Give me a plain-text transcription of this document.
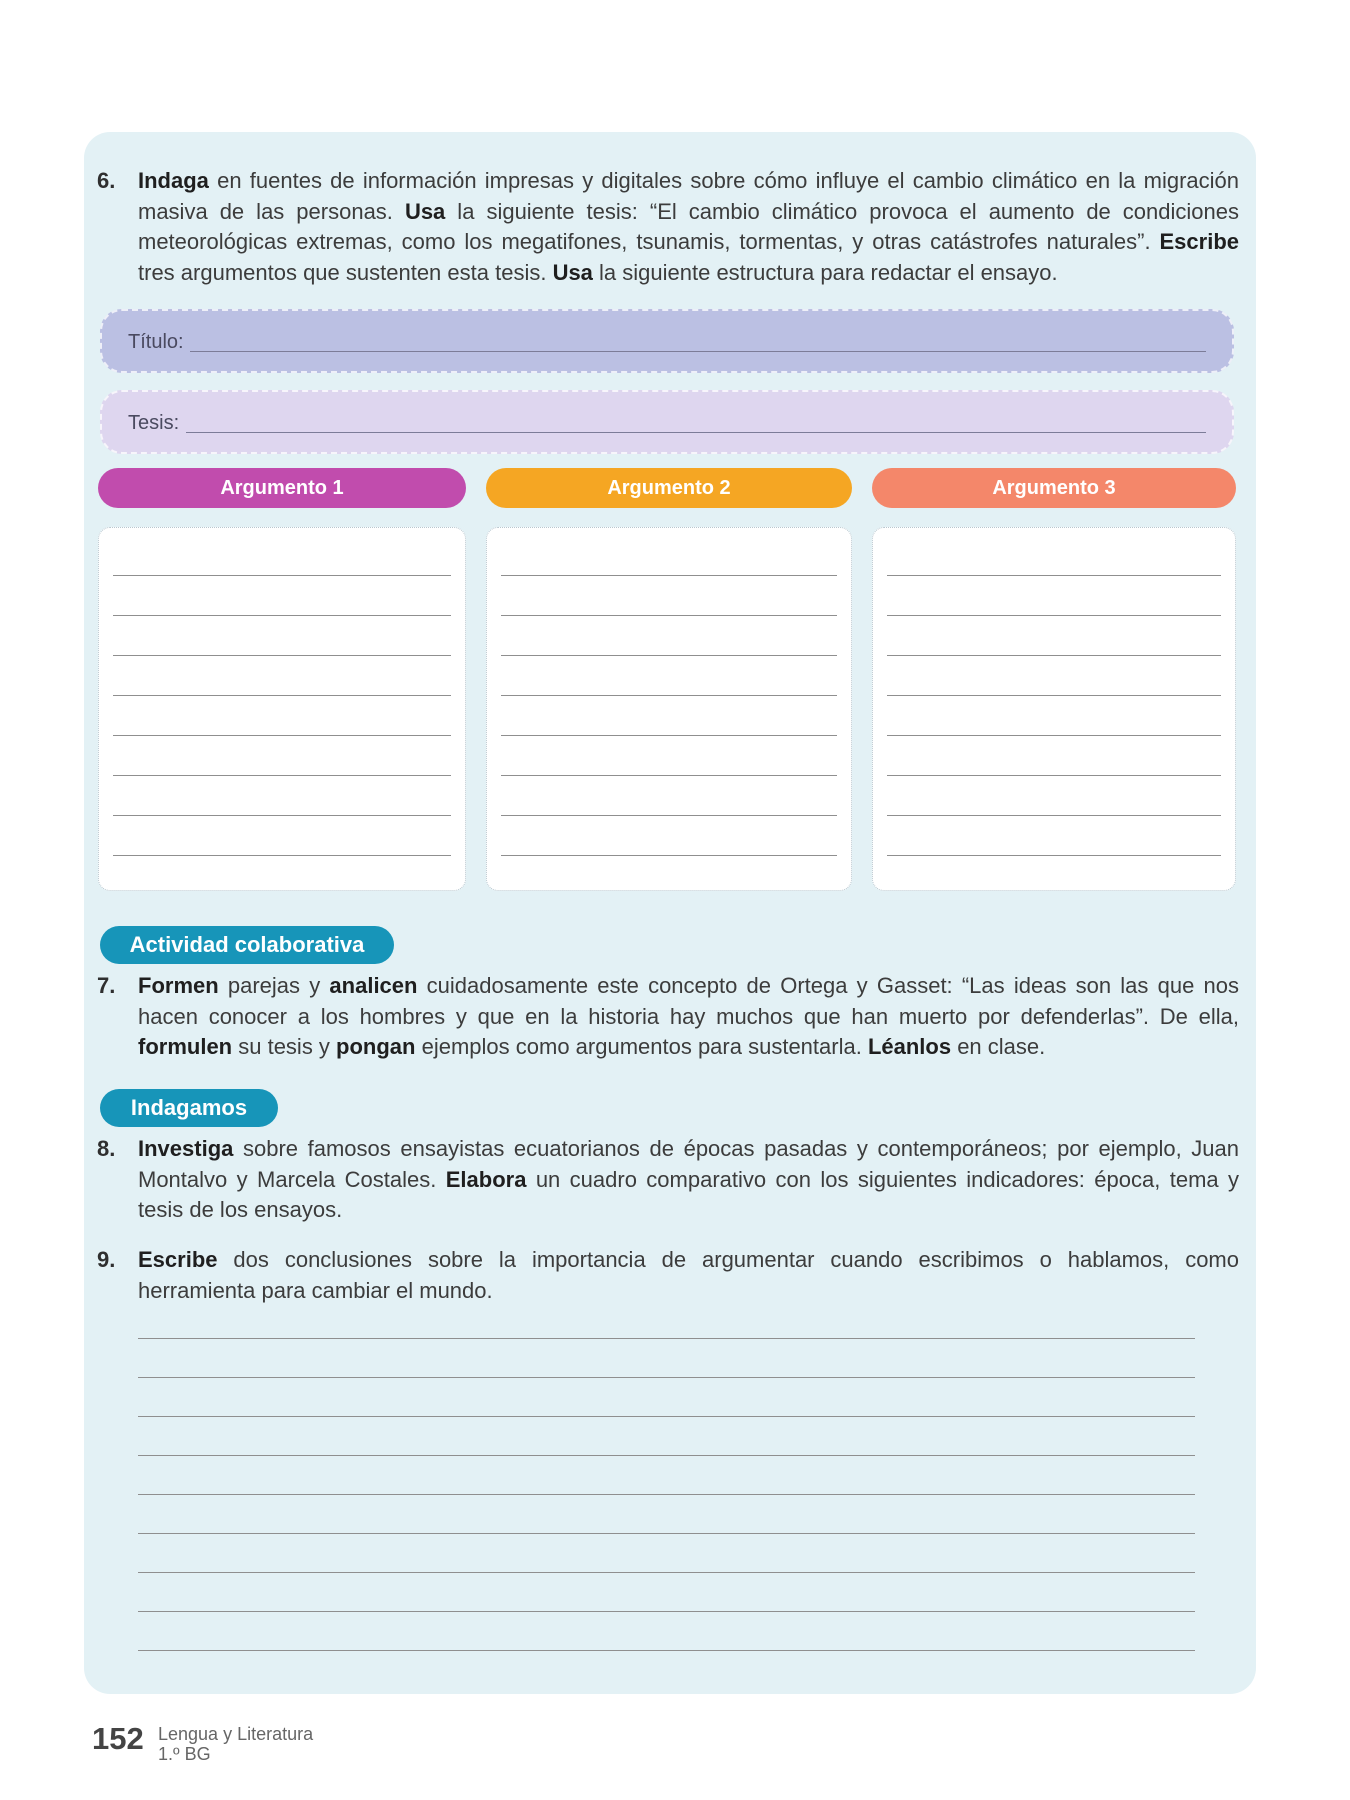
6. Indaga en fuentes de información impresas y digitales sobre cómo influye el cambio climático en la migración masiva de las personas. Usa la siguiente tesis: “El cambio climático provoca el aumento de condiciones meteorológicas extremas, como los megatifones, tsunamis, tormentas, y otras catástrofes naturales”. Escribe tres argumentos que sustenten esta tesis. Usa la siguiente estructura para redactar el ensayo.
Título:
Tesis:
Argumento 1	Argumento 2	Argumento 3
Actividad colaborativa
7. Formen parejas y analicen cuidadosamente este concepto de Ortega y Gasset: “Las ideas son las que nos hacen conocer a los hombres y que en la historia hay muchos que han muerto por defenderlas”. De ella, formulen su tesis y pongan ejemplos como argumentos para sustentarla. Léanlos en clase.
Indagamos
8. Investiga sobre famosos ensayistas ecuatorianos de épocas pasadas y contemporáneos; por ejemplo, Juan Montalvo y Marcela Costales. Elabora un cuadro comparativo con los siguientes indicadores: época, tema y tesis de los ensayos.
9. Escribe dos conclusiones sobre la importancia de argumentar cuando escribimos o hablamos, como herramienta para cambiar el mundo.
152 Lengua y Literatura
1.º BG
